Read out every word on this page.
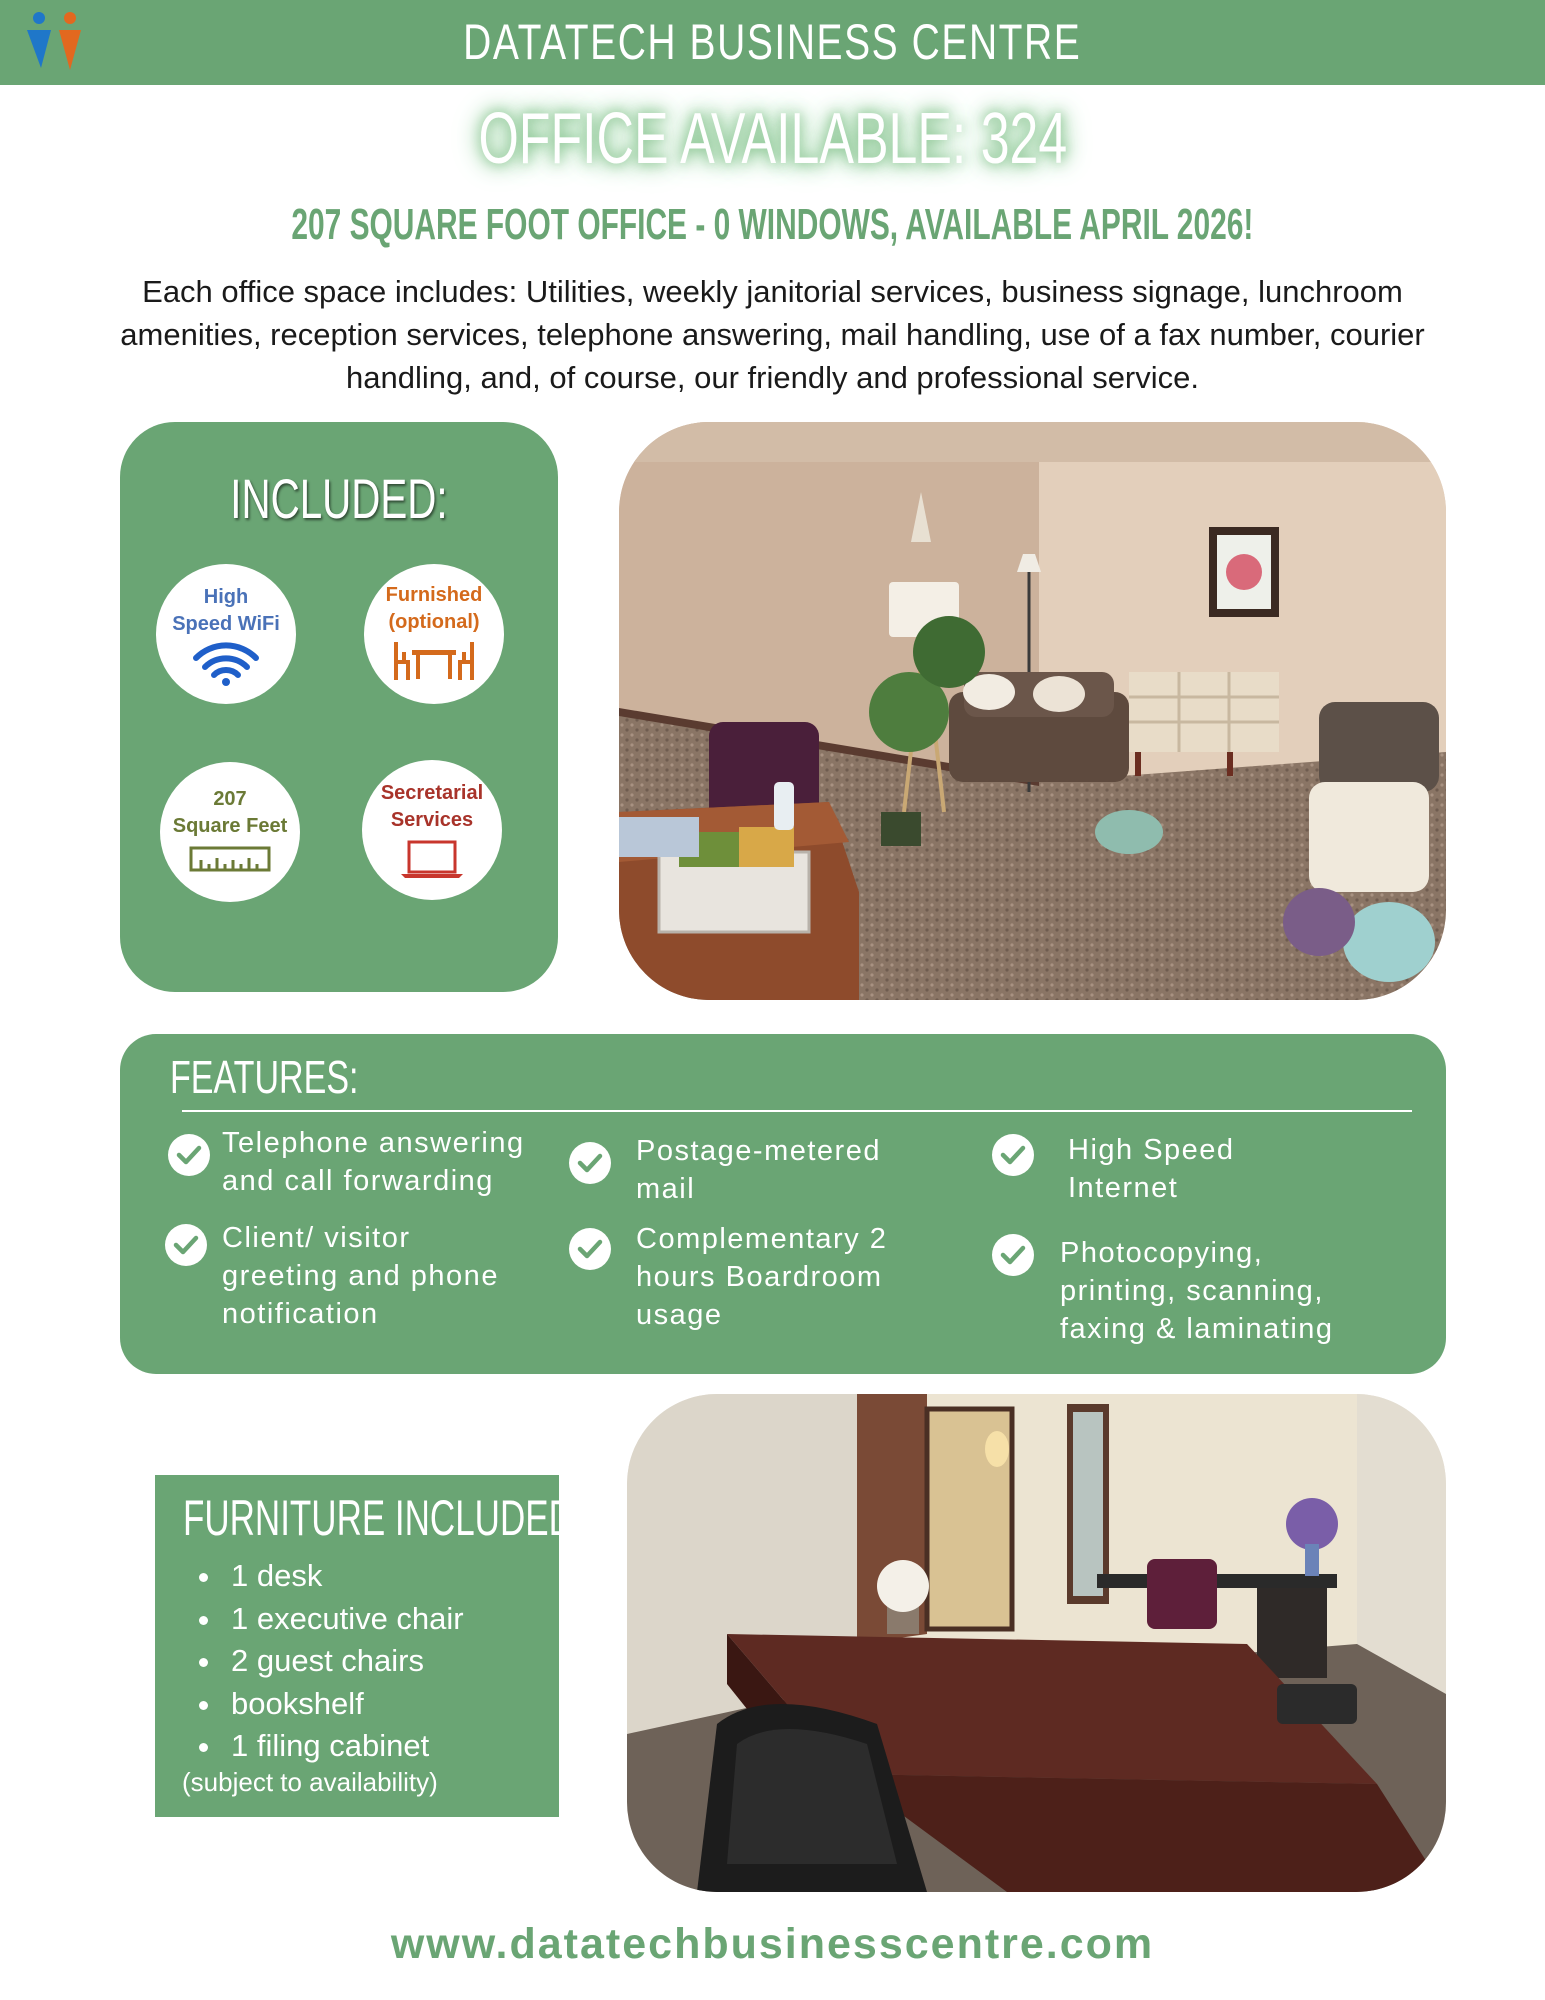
DATATECH BUSINESS CENTRE
OFFICE AVAILABLE: 324
207 SQUARE FOOT OFFICE - 0 WINDOWS, AVAILABLE APRIL 2026!
Each office space includes: Utilities, weekly janitorial services, business signage, lunchroom amenities, reception services, telephone answering, mail handling, use of a fax number, courier handling, and, of course, our friendly and professional service.
INCLUDED:
High
Speed WiFi
Furnished
(optional)
207
Square Feet
Secretarial
Services
FEATURES:
Telephone answering
and call forwarding
Postage-metered
mail
High Speed
Internet
Client/ visitor
greeting and phone
notification
Complementary 2
hours Boardroom
usage
Photocopying,
printing, scanning,
faxing & laminating
FURNITURE INCLUDED:
1 desk
1 executive chair
2 guest chairs
bookshelf
1 filing cabinet
(subject to availability)
www.datatechbusinesscentre.com
